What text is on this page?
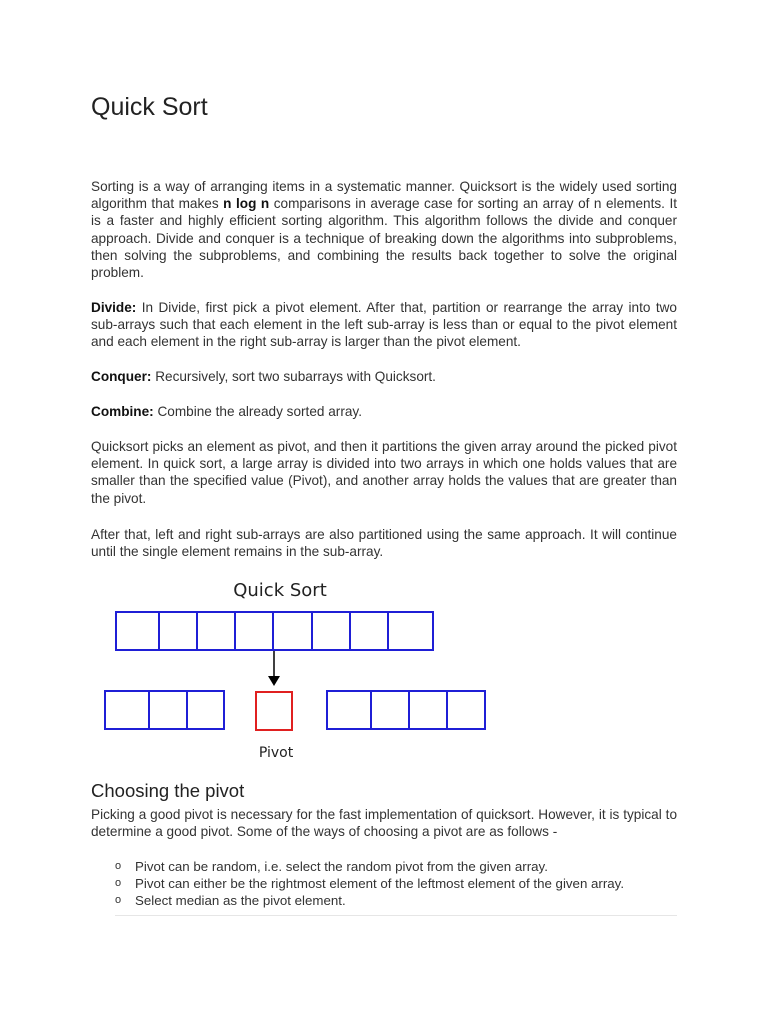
Quick Sort

Sorting is a way of arranging items in a systematic manner. Quicksort is the widely used sorting algorithm that makes n log n comparisons in average case for sorting an array of n elements. It is a faster and highly efficient sorting algorithm. This algorithm follows the divide and conquer approach. Divide and conquer is a technique of breaking down the algorithms into subproblems, then solving the subproblems, and combining the results back together to solve the original problem.

Divide: In Divide, first pick a pivot element. After that, partition or rearrange the array into two sub-arrays such that each element in the left sub-array is less than or equal to the pivot element and each element in the right sub-array is larger than the pivot element.

Conquer: Recursively, sort two subarrays with Quicksort.

Combine: Combine the already sorted array.

Quicksort picks an element as pivot, and then it partitions the given array around the picked pivot element. In quick sort, a large array is divided into two arrays in which one holds values that are smaller than the specified value (Pivot), and another array holds the values that are greater than the pivot.

After that, left and right sub-arrays are also partitioned using the same approach. It will continue until the single element remains in the sub-array.

Quick Sort
Pivot
Choosing the pivot

Picking a good pivot is necessary for the fast implementation of quicksort. However, it is typical to determine a good pivot. Some of the ways of choosing a pivot are as follows -

o Pivot can be random, i.e. select the random pivot from the given array.
o Pivot can either be the rightmost element of the leftmost element of the given array.
o Select median as the pivot element.
